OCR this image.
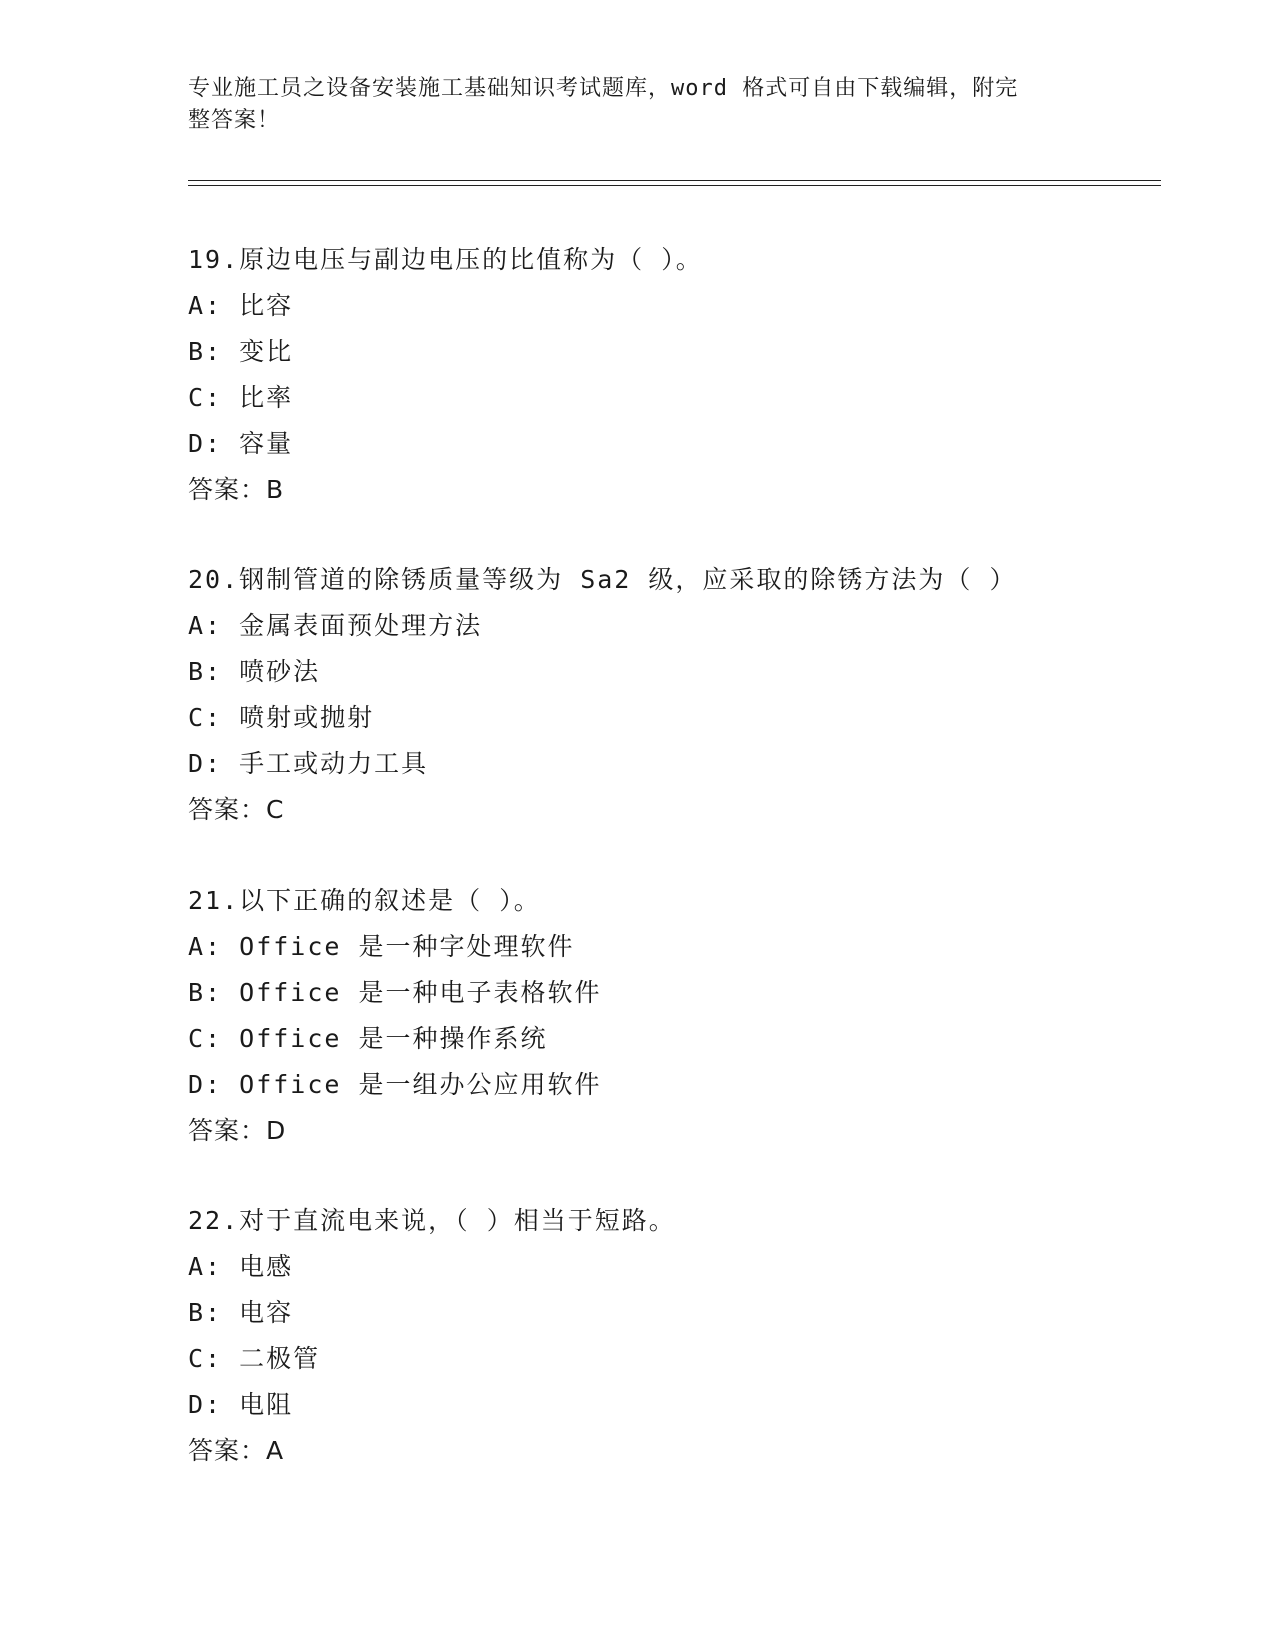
专业施工员之设备安装施工基础知识考试题库，word 格式可自由下载编辑，附完
整答案！
19.原边电压与副边电压的比值称为（ ）。
A: 比容
B: 变比
C: 比率
D: 容量
答案：B
20.钢制管道的除锈质量等级为 Sa2 级，应采取的除锈方法为（ ）
A: 金属表面预处理方法
B: 喷砂法
C: 喷射或抛射
D: 手工或动力工具
答案：C
21.以下正确的叙述是（ ）。
A: Office 是一种字处理软件
B: Office 是一种电子表格软件
C: Office 是一种操作系统
D: Office 是一组办公应用软件
答案：D
22.对于直流电来说，（ ）相当于短路。
A: 电感
B: 电容
C: 二极管
D: 电阻
答案：A
